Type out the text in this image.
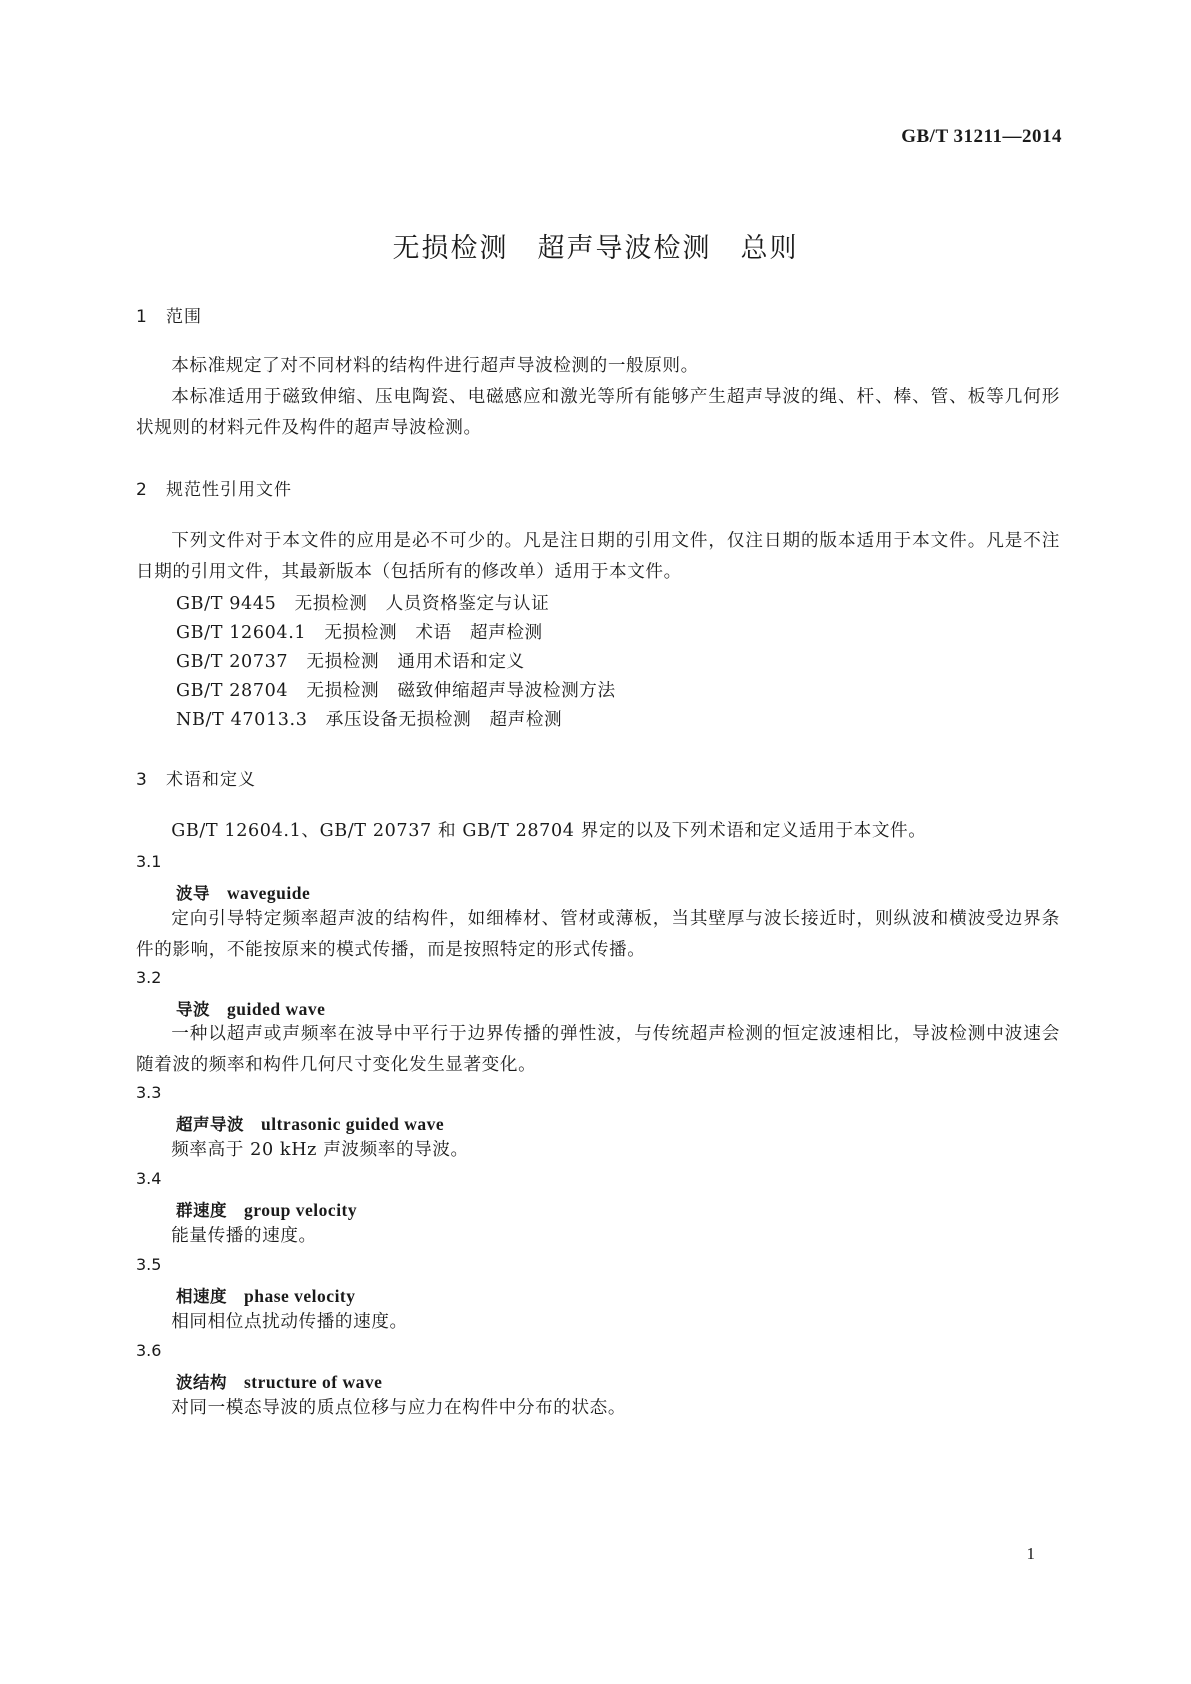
GB/T 31211—2014
无损检测　超声导波检测　总则
1 范围
本标准规定了对不同材料的结构件进行超声导波检测的一般原则。
本标准适用于磁致伸缩、压电陶瓷、电磁感应和激光等所有能够产生超声导波的绳、杆、棒、管、板等几何形状规则的材料元件及构件的超声导波检测。
2 规范性引用文件
下列文件对于本文件的应用是必不可少的。凡是注日期的引用文件，仅注日期的版本适用于本文件。凡是不注日期的引用文件，其最新版本（包括所有的修改单）适用于本文件。
GB/T 9445　无损检测　人员资格鉴定与认证
GB/T 12604.1　无损检测　术语　超声检测
GB/T 20737　无损检测　通用术语和定义
GB/T 28704　无损检测　磁致伸缩超声导波检测方法
NB/T 47013.3　承压设备无损检测　超声检测
3 术语和定义
GB/T 12604.1、GB/T 20737 和 GB/T 28704 界定的以及下列术语和定义适用于本文件。
3.1
波导　 waveguide
定向引导特定频率超声波的结构件，如细棒材、管材或薄板，当其壁厚与波长接近时，则纵波和横波受边界条件的影响，不能按原来的模式传播，而是按照特定的形式传播。
3.2
导波　 guided wave
一种以超声或声频率在波导中平行于边界传播的弹性波，与传统超声检测的恒定波速相比，导波检测中波速会随着波的频率和构件几何尺寸变化发生显著变化。
3.3
超声导波　 ultrasonic guided wave
频率高于 20 kHz 声波频率的导波。
3.4
群速度　 group velocity
能量传播的速度。
3.5
相速度　 phase velocity
相同相位点扰动传播的速度。
3.6
波结构　 structure of wave
对同一模态导波的质点位移与应力在构件中分布的状态。
1
